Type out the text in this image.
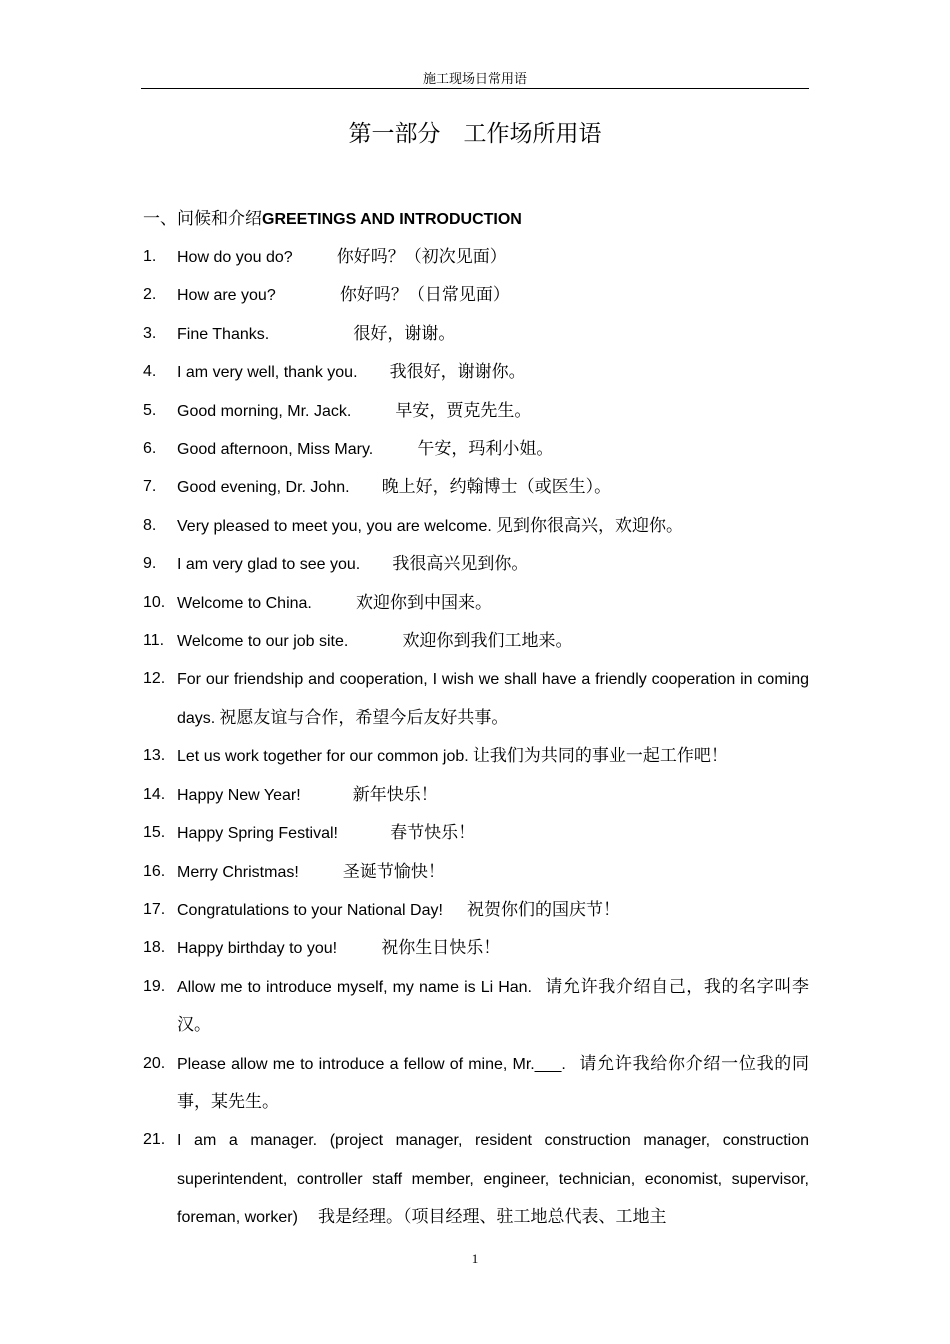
施工现场日常用语
第一部分　工作场所用语
一、问候和介绍GREETINGS AND INTRODUCTION
1.	How do you do?	你好吗？（初次见面）
2.	How are you?	你好吗？（日常见面）
3.	Fine Thanks.	很好，谢谢。
4.	I am very well, thank you. 我很好，谢谢你。
5.	Good morning, Mr. Jack.	早安，贾克先生。
6.	Good afternoon, Miss Mary.	午安，玛利小姐。
7.	Good evening, Dr. John. 晚上好，约翰博士（或医生）。
8.	Very pleased to meet you, you are welcome. 见到你很高兴，欢迎你。
9.	I am very glad to see you. 我很高兴见到你。
10. Welcome to China.	欢迎你到中国来。
11. Welcome to our job site.	欢迎你到我们工地来。
12. For our friendship and cooperation, I wish we shall have a friendly cooperation in coming days. 祝愿友谊与合作，希望今后友好共事。
13. Let us work together for our common job. 让我们为共同的事业一起工作吧！
14. Happy New Year!	新年快乐！
15. Happy Spring Festival!	春节快乐！
16. Merry Christmas!	圣诞节愉快！
17. Congratulations to your National Day! 祝贺你们的国庆节！
18. Happy birthday to you!	祝你生日快乐！
19. Allow me to introduce myself, my name is Li Han. 请允许我介绍自己，我的名字叫李汉。
20. Please allow me to introduce a fellow of mine, Mr.___. 请允许我给你介绍一位我的同事，某先生。
21. I am a manager. (project manager, resident construction manager, construction superintendent, controller staff member, engineer, technician, economist, supervisor, foreman, worker) 我是经理。（项目经理、驻工地总代表、工地主
1
